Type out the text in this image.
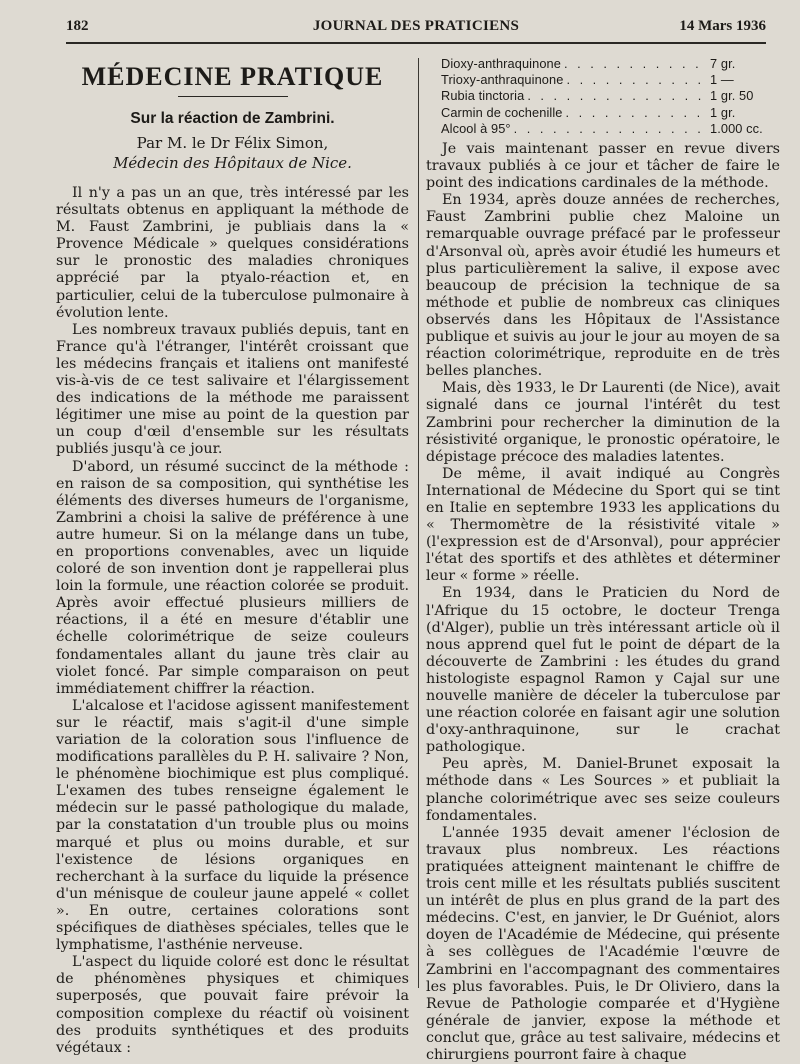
182	JOURNAL DES PRATICIENS	14 Mars 1936
MÉDECINE PRATIQUE
Sur la réaction de Zambrini.
Par M. le Dr Félix Simon,
Médecin des Hôpitaux de Nice.

Il n'y a pas un an que, très intéressé par les résultats obtenus en appliquant la méthode de M. Faust Zambrini, je publiais dans la « Provence Médicale » quelques considérations sur le pronostic des maladies chroniques apprécié par la ptyalo-réaction et, en particulier, celui de la tuberculose pulmonaire à évolution lente.

Les nombreux travaux publiés depuis, tant en France qu'à l'étranger, l'intérêt croissant que les médecins français et italiens ont manifesté vis-à-vis de ce test salivaire et l'élargissement des indications de la méthode me paraissent légitimer une mise au point de la question par un coup d'œil d'ensemble sur les résultats publiés jusqu'à ce jour.

D'abord, un résumé succinct de la méthode : en raison de sa composition, qui synthétise les éléments des diverses humeurs de l'organisme, Zambrini a choisi la salive de préférence à une autre humeur. Si on la mélange dans un tube, en proportions convenables, avec un liquide coloré de son invention dont je rappellerai plus loin la formule, une réaction colorée se produit. Après avoir effectué plusieurs milliers de réactions, il a été en mesure d'établir une échelle colorimétrique de seize couleurs fondamentales allant du jaune très clair au violet foncé. Par simple comparaison on peut immédiatement chiffrer la réaction.

L'alcalose et l'acidose agissent manifestement sur le réactif, mais s'agit-il d'une simple variation de la coloration sous l'influence de modifications parallèles du P. H. salivaire ? Non, le phénomène biochimique est plus compliqué. L'examen des tubes renseigne également le médecin sur le passé pathologique du malade, par la constatation d'un trouble plus ou moins marqué et plus ou moins durable, et sur l'existence de lésions organiques en recherchant à la surface du liquide la présence d'un ménisque de couleur jaune appelé « collet ». En outre, certaines colorations sont spécifiques de diathèses spéciales, telles que le lymphatisme, l'asthénie nerveuse.

L'aspect du liquide coloré est donc le résultat de phénomènes physiques et chimiques superposés, que pouvait faire prévoir la composition complexe du réactif où voisinent des produits synthétiques et des produits végétaux :

Dioxy-anthraquinone . . .	7 gr.
Trioxy-anthraquinone . . .	1 —
Rubia tinctoria . . .	1 gr. 50
Carmin de cochenille . . .	1 gr.
Alcool à 95° . . .	1.000 cc.

Je vais maintenant passer en revue divers travaux publiés à ce jour et tâcher de faire le point des indications cardinales de la méthode.

En 1934, après douze années de recherches, Faust Zambrini publie chez Maloine un remarquable ouvrage préfacé par le professeur d'Arsonval où, après avoir étudié les humeurs et plus particulièrement la salive, il expose avec beaucoup de précision la technique de sa méthode et publie de nombreux cas cliniques observés dans les Hôpitaux de l'Assistance publique et suivis au jour le jour au moyen de sa réaction colorimétrique, reproduite en de très belles planches.

Mais, dès 1933, le Dr Laurenti (de Nice), avait signalé dans ce journal l'intérêt du test Zambrini pour rechercher la diminution de la résistivité organique, le pronostic opératoire, le dépistage précoce des maladies latentes.

De même, il avait indiqué au Congrès International de Médecine du Sport qui se tint en Italie en septembre 1933 les applications du « Thermomètre de la résistivité vitale » (l'expression est de d'Arsonval), pour apprécier l'état des sportifs et des athlètes et déterminer leur « forme » réelle.

En 1934, dans le Praticien du Nord de l'Afrique du 15 octobre, le docteur Trenga (d'Alger), publie un très intéressant article où il nous apprend quel fut le point de départ de la découverte de Zambrini : les études du grand histologiste espagnol Ramon y Cajal sur une nouvelle manière de déceler la tuberculose par une réaction colorée en faisant agir une solution d'oxy-anthraquinone, sur le crachat pathologique.

Peu après, M. Daniel-Brunet exposait la méthode dans « Les Sources » et publiait la planche colorimétrique avec ses seize couleurs fondamentales.

L'année 1935 devait amener l'éclosion de travaux plus nombreux. Les réactions pratiquées atteignent maintenant le chiffre de trois cent mille et les résultats publiés suscitent un intérêt de plus en plus grand de la part des médecins. C'est, en janvier, le Dr Guéniot, alors doyen de l'Académie de Médecine, qui présente à ses collègues de l'Académie l'œuvre de Zambrini en l'accompagnant des commentaires les plus favorables. Puis, le Dr Oliviero, dans la Revue de Pathologie comparée et d'Hygiène générale de janvier, expose la méthode et conclut que, grâce au test salivaire, médecins et chirurgiens pourront faire à chaque
